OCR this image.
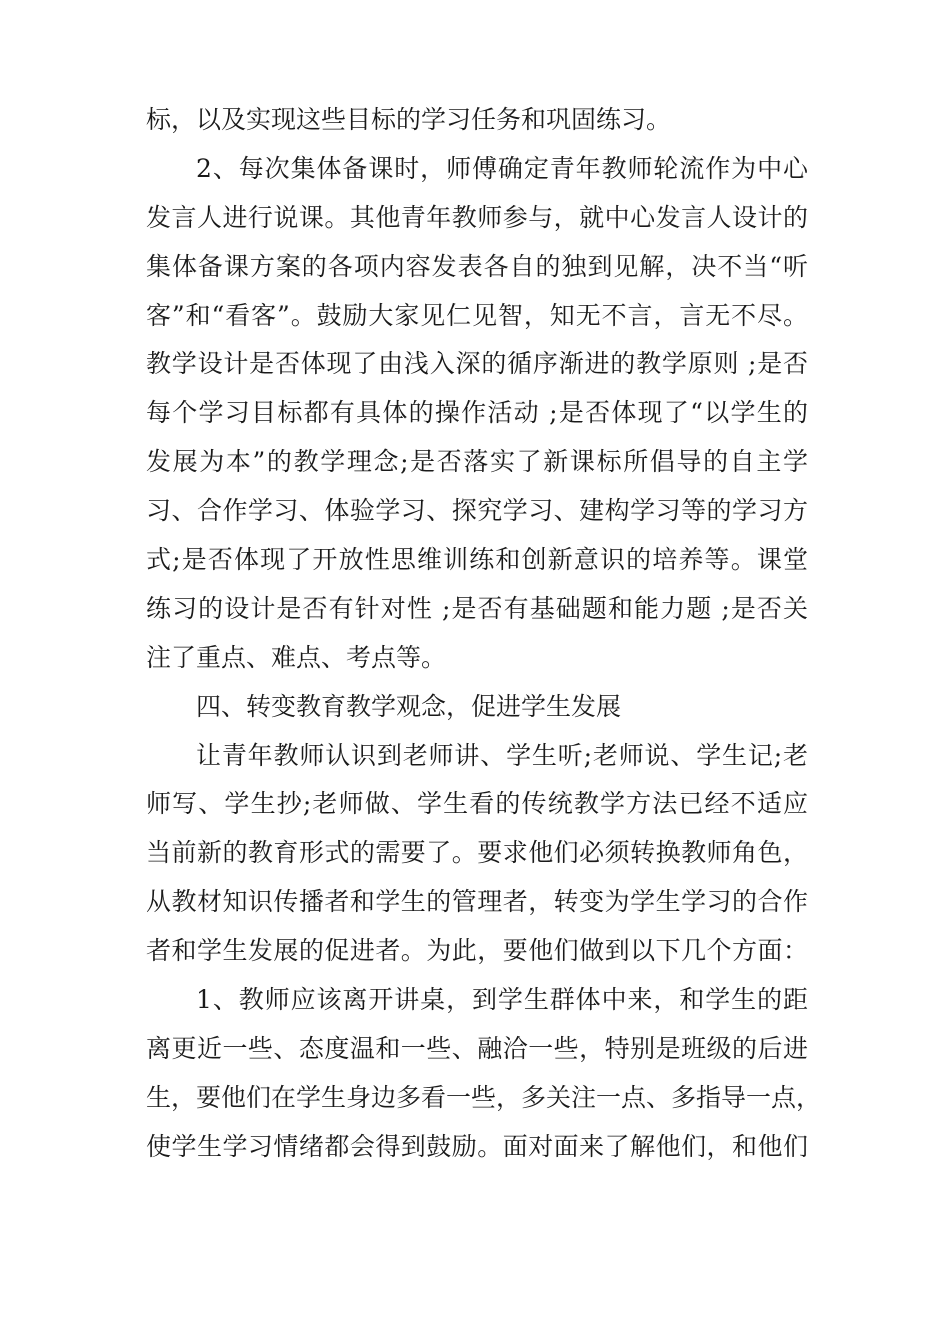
标，以及实现这些目标的学习任务和巩固练习。
2、每次集体备课时，师傅确定青年教师轮流作为中心
发言人进行说课。其他青年教师参与，就中心发言人设计的
集体备课方案的各项内容发表各自的独到见解，决不当“听
客”和“看客”。鼓励大家见仁见智，知无不言，言无不尽。
教学设计是否体现了由浅入深的循序渐进的教学原则 ;是否
每个学习目标都有具体的操作活动 ;是否体现了“以学生的
发展为本”的教学理念;是否落实了新课标所倡导的自主学
习、合作学习、体验学习、探究学习、建构学习等的学习方
式;是否体现了开放性思维训练和创新意识的培养等。课堂
练习的设计是否有针对性 ;是否有基础题和能力题 ;是否关
注了重点、难点、考点等。
四、转变教育教学观念，促进学生发展
让青年教师认识到老师讲、学生听;老师说、学生记;老
师写、学生抄;老师做、学生看的传统教学方法已经不适应
当前新的教育形式的需要了。要求他们必须转换教师角色，
从教材知识传播者和学生的管理者，转变为学生学习的合作
者和学生发展的促进者。为此，要他们做到以下几个方面：
1、教师应该离开讲桌，到学生群体中来，和学生的距
离更近一些、态度温和一些、融洽一些，特别是班级的后进
生，要他们在学生身边多看一些，多关注一点、多指导一点，
使学生学习情绪都会得到鼓励。面对面来了解他们，和他们
